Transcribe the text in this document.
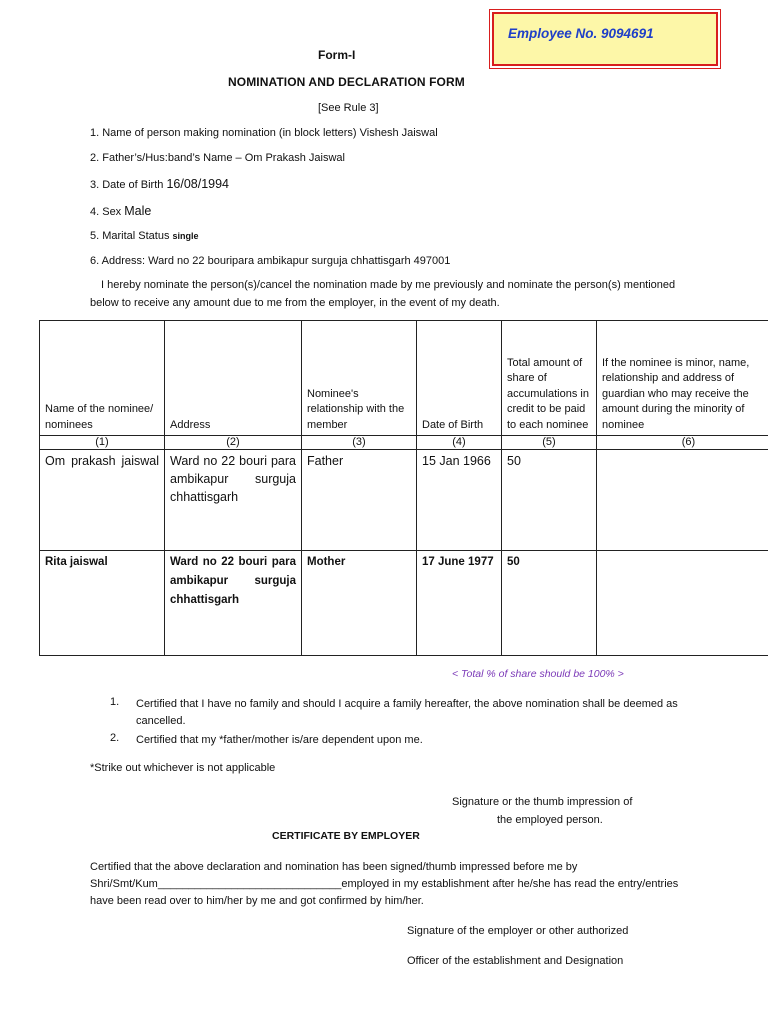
Employee No. 9094691
Form-I
NOMINATION AND DECLARATION FORM
[See Rule 3]
1. Name of person making nomination (in block letters) Vishesh Jaiswal
2. Father’s/Hus:band’s Name – Om Prakash Jaiswal
3. Date of Birth 16/08/1994
4. Sex Male
5. Marital Status single
6. Address: Ward no 22 bouripara ambikapur surguja chhattisgarh 497001
I hereby nominate the person(s)/cancel the nomination made by me previously and nominate the person(s) mentioned
below to receive any amount due to me from the employer, in the event of my death.
Name of the nominee/ nominees	Address	Nominee's relationship with the member	Date of Birth	Total amount of share of accumulations in credit to be paid to each nominee	If the nominee is minor, name, relationship and address of guardian who may receive the amount during the minority of nominee
(1)	(2)	(3)	(4)	(5)	(6)
Om prakash jaiswal	Ward no 22 bouri para ambikapur surguja chhattisgarh	Father	15 Jan 1966	50	
Rita jaiswal	Ward no 22 bouri para ambikapur surguja chhattisgarh	Mother	17 June 1977	50	
< Total % of share should be 100% >
1. Certified that I have no family and should I acquire a family hereafter, the above nomination shall be deemed as cancelled.
2. Certified that my *father/mother is/are dependent upon me.
*Strike out whichever is not applicable
Signature or the thumb impression of
the employed person.
CERTIFICATE BY EMPLOYER
Certified that the above declaration and nomination has been signed/thumb impressed before me by
Shri/Smt/Kum______________________________employed in my establishment after he/she has read the entry/entries
have been read over to him/her by me and got confirmed by him/her.
Signature of the employer or other authorized
Officer of the establishment and Designation
